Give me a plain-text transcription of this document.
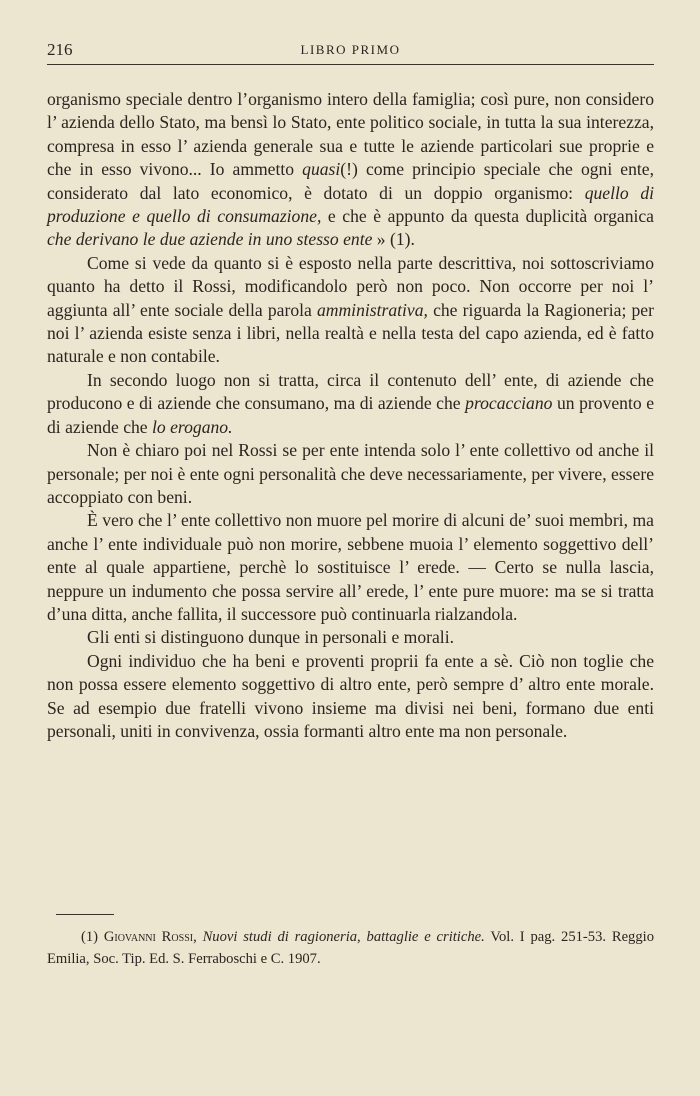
216	LIBRO PRIMO

organismo speciale dentro l’organismo intero della famiglia; così pure, non considero l’ azienda dello Stato, ma bensì lo Stato, ente politico sociale, in tutta la sua interezza, compresa in esso l’ azienda generale sua e tutte le aziende particolari sue proprie e che in esso vivono... Io ammetto quasi(!) come principio speciale che ogni ente, considerato dal lato economico, è dotato di un doppio organismo: quello di produzione e quello di consumazione, e che è appunto da questa duplicità organica che derivano le due aziende in uno stesso ente » (1).

Come si vede da quanto si è esposto nella parte descrittiva, noi sottoscriviamo quanto ha detto il Rossi, modificandolo però non poco. Non occorre per noi l’ aggiunta all’ ente sociale della parola amministrativa, che riguarda la Ragioneria; per noi l’ azienda esiste senza i libri, nella realtà e nella testa del capo azienda, ed è fatto naturale e non contabile.

In secondo luogo non si tratta, circa il contenuto dell’ ente, di aziende che producono e di aziende che consumano, ma di aziende che procacciano un provento e di aziende che lo erogano.

Non è chiaro poi nel Rossi se per ente intenda solo l’ ente collettivo od anche il personale; per noi è ente ogni personalità che deve necessariamente, per vivere, essere accoppiato con beni.

È vero che l’ ente collettivo non muore pel morire di alcuni de’ suoi membri, ma anche l’ ente individuale può non morire, sebbene muoia l’ elemento soggettivo dell’ ente al quale appartiene, perchè lo sostituisce l’ erede. — Certo se nulla lascia, neppure un indumento che possa servire all’ erede, l’ ente pure muore: ma se si tratta d’una ditta, anche fallita, il successore può continuarla rialzandola.

Gli enti si distinguono dunque in personali e morali.

Ogni individuo che ha beni e proventi proprii fa ente a sè. Ciò non toglie che non possa essere elemento soggettivo di altro ente, però sempre d’ altro ente morale. Se ad esempio due fratelli vivono insieme ma divisi nei beni, formano due enti personali, uniti in convivenza, ossia formanti altro ente ma non personale.

(1) Giovanni Rossi, Nuovi studi di ragioneria, battaglie e critiche. Vol. I pag. 251-53. Reggio Emilia, Soc. Tip. Ed. S. Ferraboschi e C. 1907.
